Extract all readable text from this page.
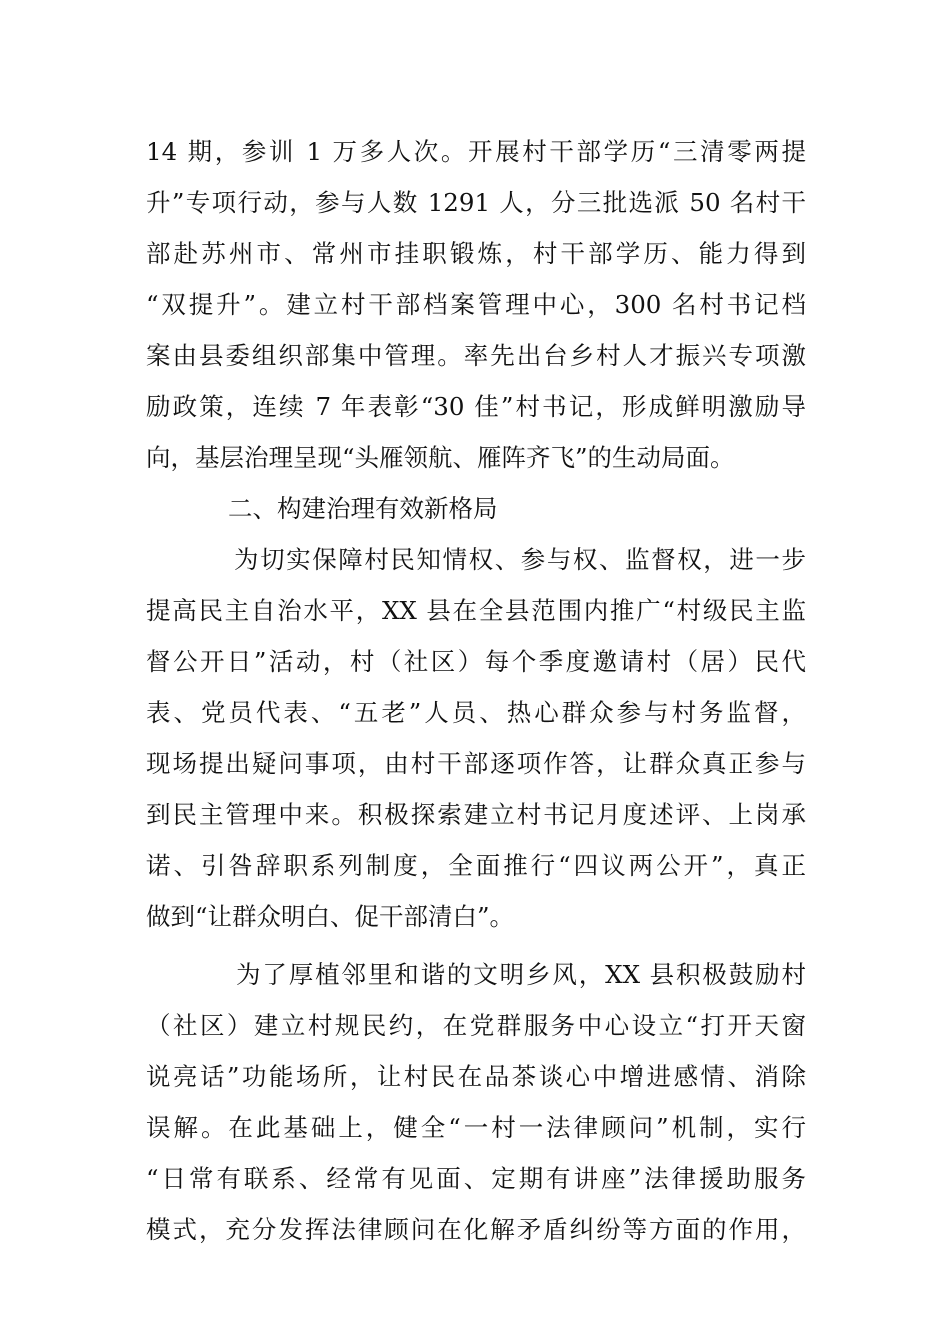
14 期，参训 1 万多人次。开展村干部学历“三清零两提
升”专项行动，参与人数 1291 人，分三批选派 50 名村干
部赴苏州市、常州市挂职锻炼，村干部学历、能力得到
“双提升”。建立村干部档案管理中心，300 名村书记档
案由县委组织部集中管理。率先出台乡村人才振兴专项激
励政策，连续 7 年表彰“30 佳”村书记，形成鲜明激励导
向，基层治理呈现“头雁领航、雁阵齐飞”的生动局面。
二、构建治理有效新格局
为切实保障村民知情权、参与权、监督权，进一步
提高民主自治水平，XX 县在全县范围内推广“村级民主监
督公开日”活动，村（社区）每个季度邀请村（居）民代
表、党员代表、“五老”人员、热心群众参与村务监督，
现场提出疑问事项，由村干部逐项作答，让群众真正参与
到民主管理中来。积极探索建立村书记月度述评、上岗承
诺、引咎辞职系列制度，全面推行“四议两公开”，真正
做到“让群众明白、促干部清白”。
为了厚植邻里和谐的文明乡风，XX 县积极鼓励村
（社区）建立村规民约，在党群服务中心设立“打开天窗
说亮话”功能场所，让村民在品茶谈心中增进感情、消除
误解。在此基础上，健全“一村一法律顾问”机制，实行
“日常有联系、经常有见面、定期有讲座”法律援助服务
模式，充分发挥法律顾问在化解矛盾纠纷等方面的作用，
